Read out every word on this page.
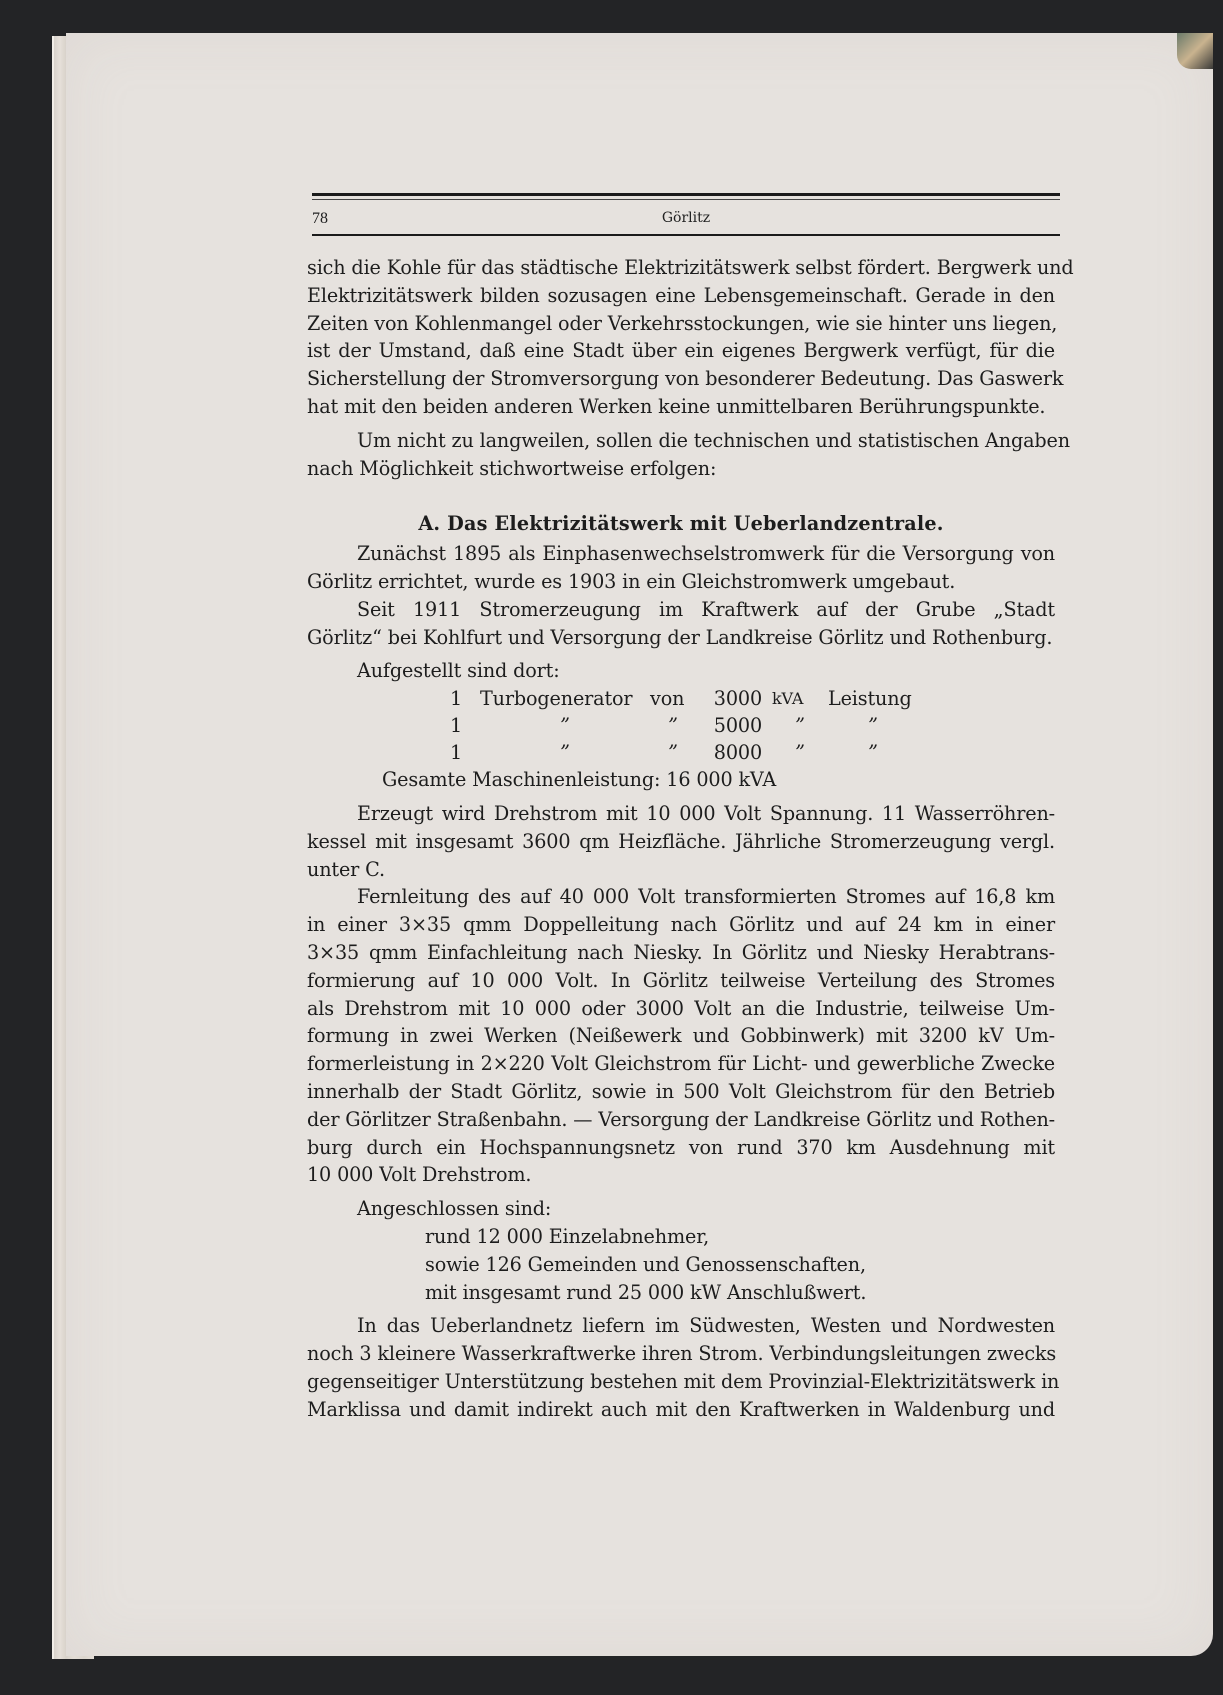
78	Görlitz
sich die Kohle für das städtische Elektrizitätswerk selbst fördert. Bergwerk und
Elektrizitätswerk bilden sozusagen eine Lebensgemeinschaft. Gerade in den
Zeiten von Kohlenmangel oder Verkehrsstockungen, wie sie hinter uns liegen,
ist der Umstand, daß eine Stadt über ein eigenes Bergwerk verfügt, für die
Sicherstellung der Stromversorgung von besonderer Bedeutung. Das Gaswerk
hat mit den beiden anderen Werken keine unmittelbaren Berührungspunkte.
Um nicht zu langweilen, sollen die technischen und statistischen Angaben
nach Möglichkeit stichwortweise erfolgen:
A. Das Elektrizitätswerk mit Ueberlandzentrale.
Zunächst 1895 als Einphasenwechselstromwerk für die Versorgung von
Görlitz errichtet, wurde es 1903 in ein Gleichstromwerk umgebaut.
Seit 1911 Stromerzeugung im Kraftwerk auf der Grube „Stadt
Görlitz“ bei Kohlfurt und Versorgung der Landkreise Görlitz und Rothenburg.
Aufgestellt sind dort:
1 Turbogenerator von	3000 kVA	Leistung
1	”	”	5000	”	”
1	”	”	8000	”	”
Gesamte Maschinenleistung: 16 000 kVA
Erzeugt wird Drehstrom mit 10 000 Volt Spannung. 11 Wasserröhren-
kessel mit insgesamt 3600 qm Heizfläche. Jährliche Stromerzeugung vergl.
unter C.
Fernleitung des auf 40 000 Volt transformierten Stromes auf 16,8 km
in einer 3×35 qmm Doppelleitung nach Görlitz und auf 24 km in einer
3×35 qmm Einfachleitung nach Niesky. In Görlitz und Niesky Herabtrans-
formierung auf 10 000 Volt. In Görlitz teilweise Verteilung des Stromes
als Drehstrom mit 10 000 oder 3000 Volt an die Industrie, teilweise Um-
formung in zwei Werken (Neißewerk und Gobbinwerk) mit 3200 kV Um-
formerleistung in 2×220 Volt Gleichstrom für Licht- und gewerbliche Zwecke
innerhalb der Stadt Görlitz, sowie in 500 Volt Gleichstrom für den Betrieb
der Görlitzer Straßenbahn. — Versorgung der Landkreise Görlitz und Rothen-
burg durch ein Hochspannungsnetz von rund 370 km Ausdehnung mit
10 000 Volt Drehstrom.
Angeschlossen sind:
rund 12 000 Einzelabnehmer,
sowie 126 Gemeinden und Genossenschaften,
mit insgesamt rund 25 000 kW Anschlußwert.
In das Ueberlandnetz liefern im Südwesten, Westen und Nordwesten
noch 3 kleinere Wasserkraftwerke ihren Strom. Verbindungsleitungen zwecks
gegenseitiger Unterstützung bestehen mit dem Provinzial-Elektrizitätswerk in
Marklissa und damit indirekt auch mit den Kraftwerken in Waldenburg und
